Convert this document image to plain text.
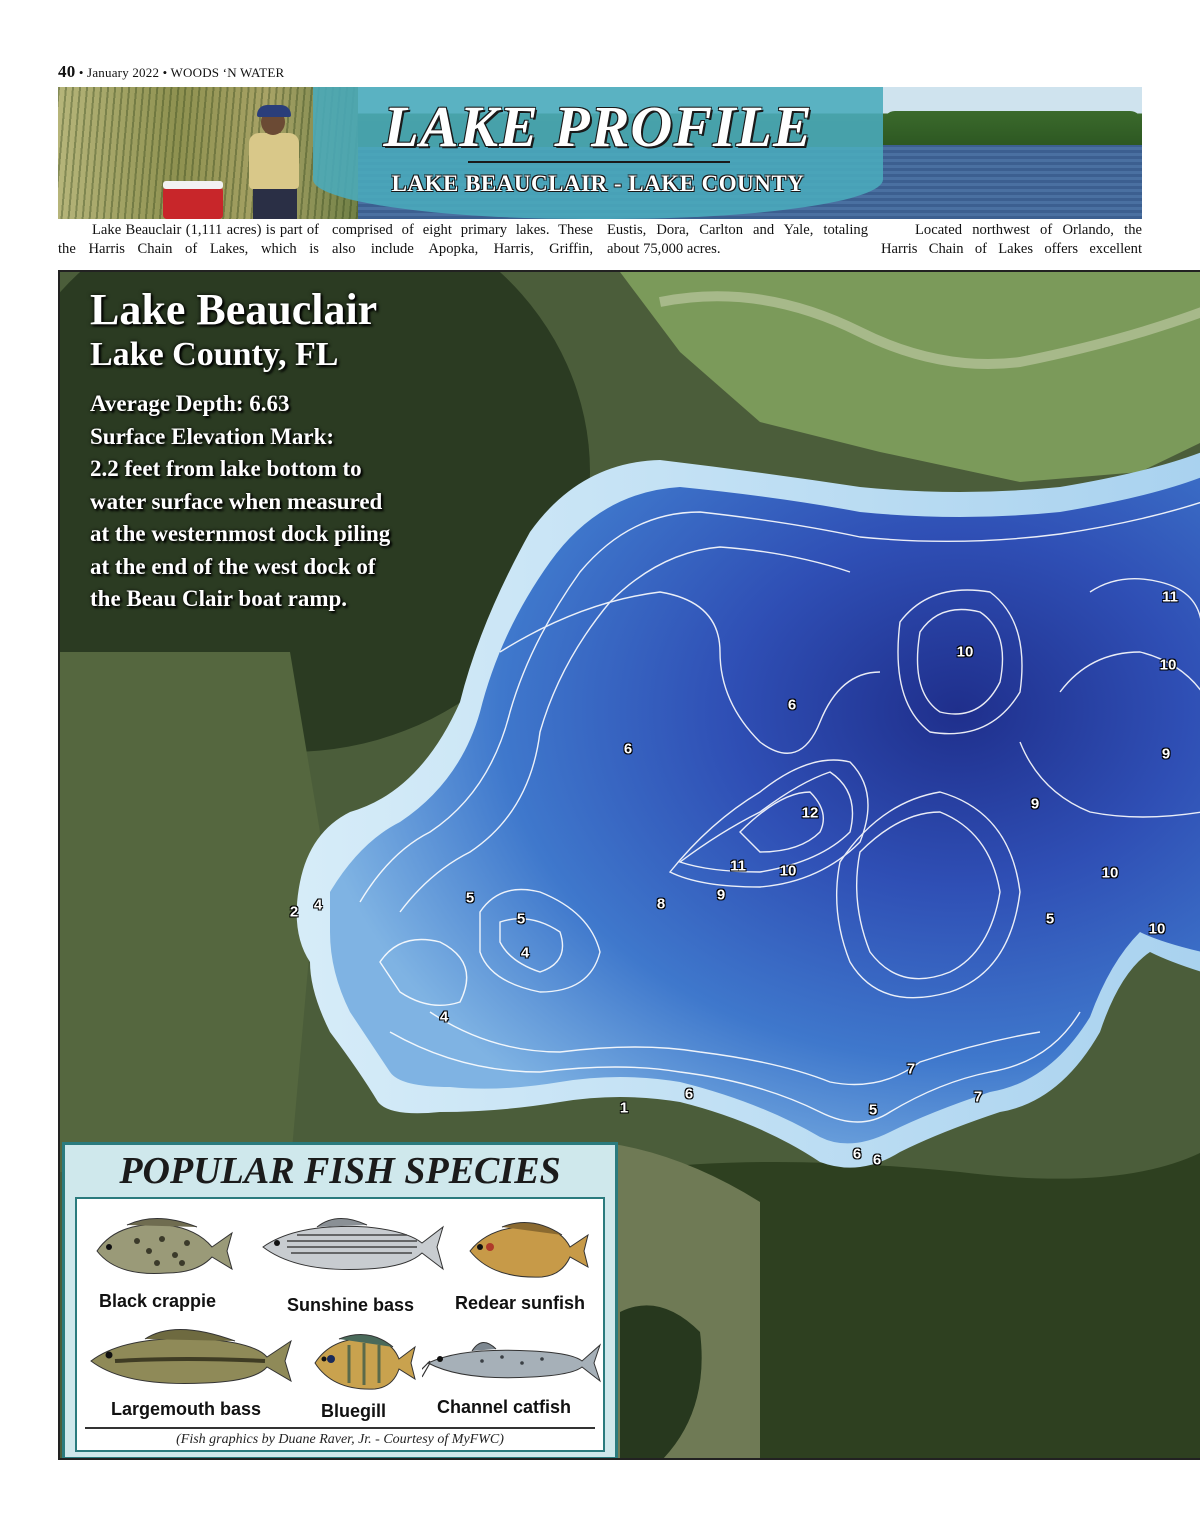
40 • January 2022 • WOODS ‘N WATER
LAKE PROFILE
LAKE BEAUCLAIR - LAKE COUNTY

Lake Beauclair (1,111 acres) is part of the Harris Chain of Lakes, which is

comprised of eight primary lakes. These also include Apopka, Harris, Griffin,

Eustis, Dora, Carlton and Yale, totaling about 75,000 acres.

Located northwest of Orlando, the Harris Chain of Lakes offers excellent

Lake Beauclair
Lake County, FL
Average Depth: 6.63
Surface Elevation Mark:
2.2 feet from lake bottom to
water surface when measured
at the westernmost dock piling
at the end of the west dock of
the Beau Clair boat ramp.	11
10
10
6
6
12
9
9
11 10	10
2 4	5
5
4
8
9
5
10
4
7
6
1	5
7
6 6
POPULAR FISH SPECIES
Black crappie	Sunshine bass Redear sunfish
Largemouth bass	Bluegill	Channel catfish
(Fish graphics by Duane Raver, Jr. - Courtesy of MyFWC)
